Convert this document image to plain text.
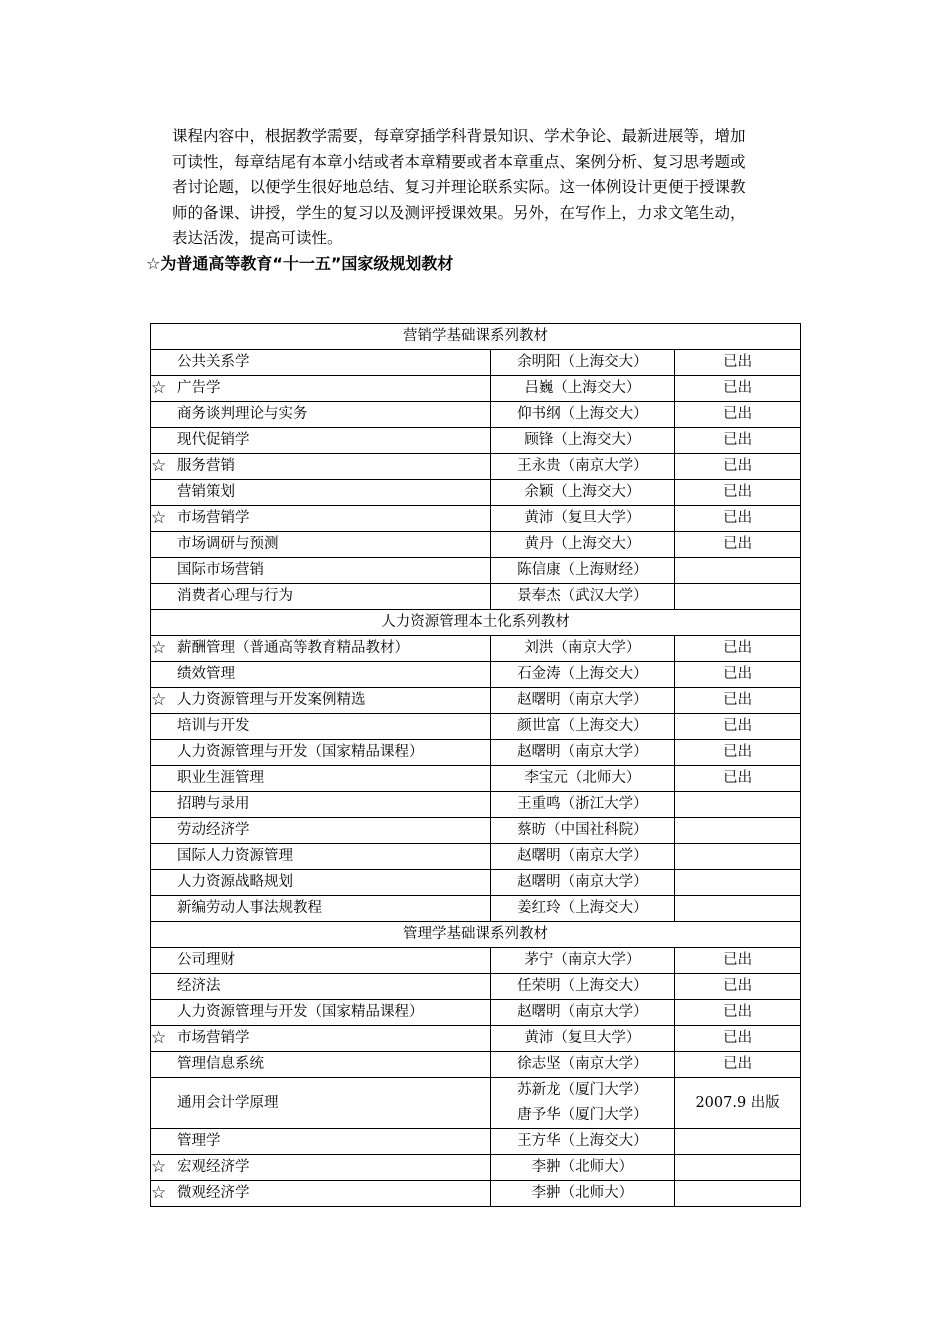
课程内容中，根据教学需要，每章穿插学科背景知识、学术争论、最新进展等，增加

可读性，每章结尾有本章小结或者本章精要或者本章重点、案例分析、复习思考题或

者讨论题，以便学生很好地总结、复习并理论联系实际。这一体例设计更便于授课教

师的备课、讲授，学生的复习以及测评授课效果。另外，在写作上，力求文笔生动，

表达活泼，提高可读性。

☆为普通高等教育“十一五”国家级规划教材
营销学基础课系列教材		
公共关系学	余明阳（上海交大）	已出
☆ 广告学	吕巍（上海交大）	已出
商务谈判理论与实务	仰书纲（上海交大）	已出
现代促销学	顾锋（上海交大）	已出
☆ 服务营销	王永贵（南京大学）	已出
营销策划	余颖（上海交大）	已出
☆ 市场营销学	黄沛（复旦大学）	已出
市场调研与预测	黄丹（上海交大）	已出
国际市场营销	陈信康（上海财经）	

消费者心理与行为	景奉杰（武汉大学）	

人力资源管理本土化系列教材		
☆ 薪酬管理（普通高等教育精品教材）	刘洪（南京大学）	已出
绩效管理	石金涛（上海交大）	已出
☆ 人力资源管理与开发案例精选	赵曙明（南京大学）	已出
培训与开发	颜世富（上海交大）	已出
人力资源管理与开发（国家精品课程）	赵曙明（南京大学）	已出
职业生涯管理	李宝元（北师大）	已出
招聘与录用	王重鸣（浙江大学）	

劳动经济学	蔡昉（中国社科院）	

国际人力资源管理	赵曙明（南京大学）	

人力资源战略规划	赵曙明（南京大学）	

新编劳动人事法规教程	姜红玲（上海交大）	

管理学基础课系列教材		
公司理财	茅宁（南京大学）	已出
经济法	任荣明（上海交大）	已出
人力资源管理与开发（国家精品课程）	赵曙明（南京大学）	已出
☆ 市场营销学	黄沛（复旦大学）	已出
管理信息系统	徐志坚（南京大学）	已出
通用会计学原理	苏新龙（厦门大学）
唐予华（厦门大学）	2007.9 出版
管理学	王方华（上海交大）	

☆ 宏观经济学	李翀（北师大）	

☆ 微观经济学	李翀（北师大）	
